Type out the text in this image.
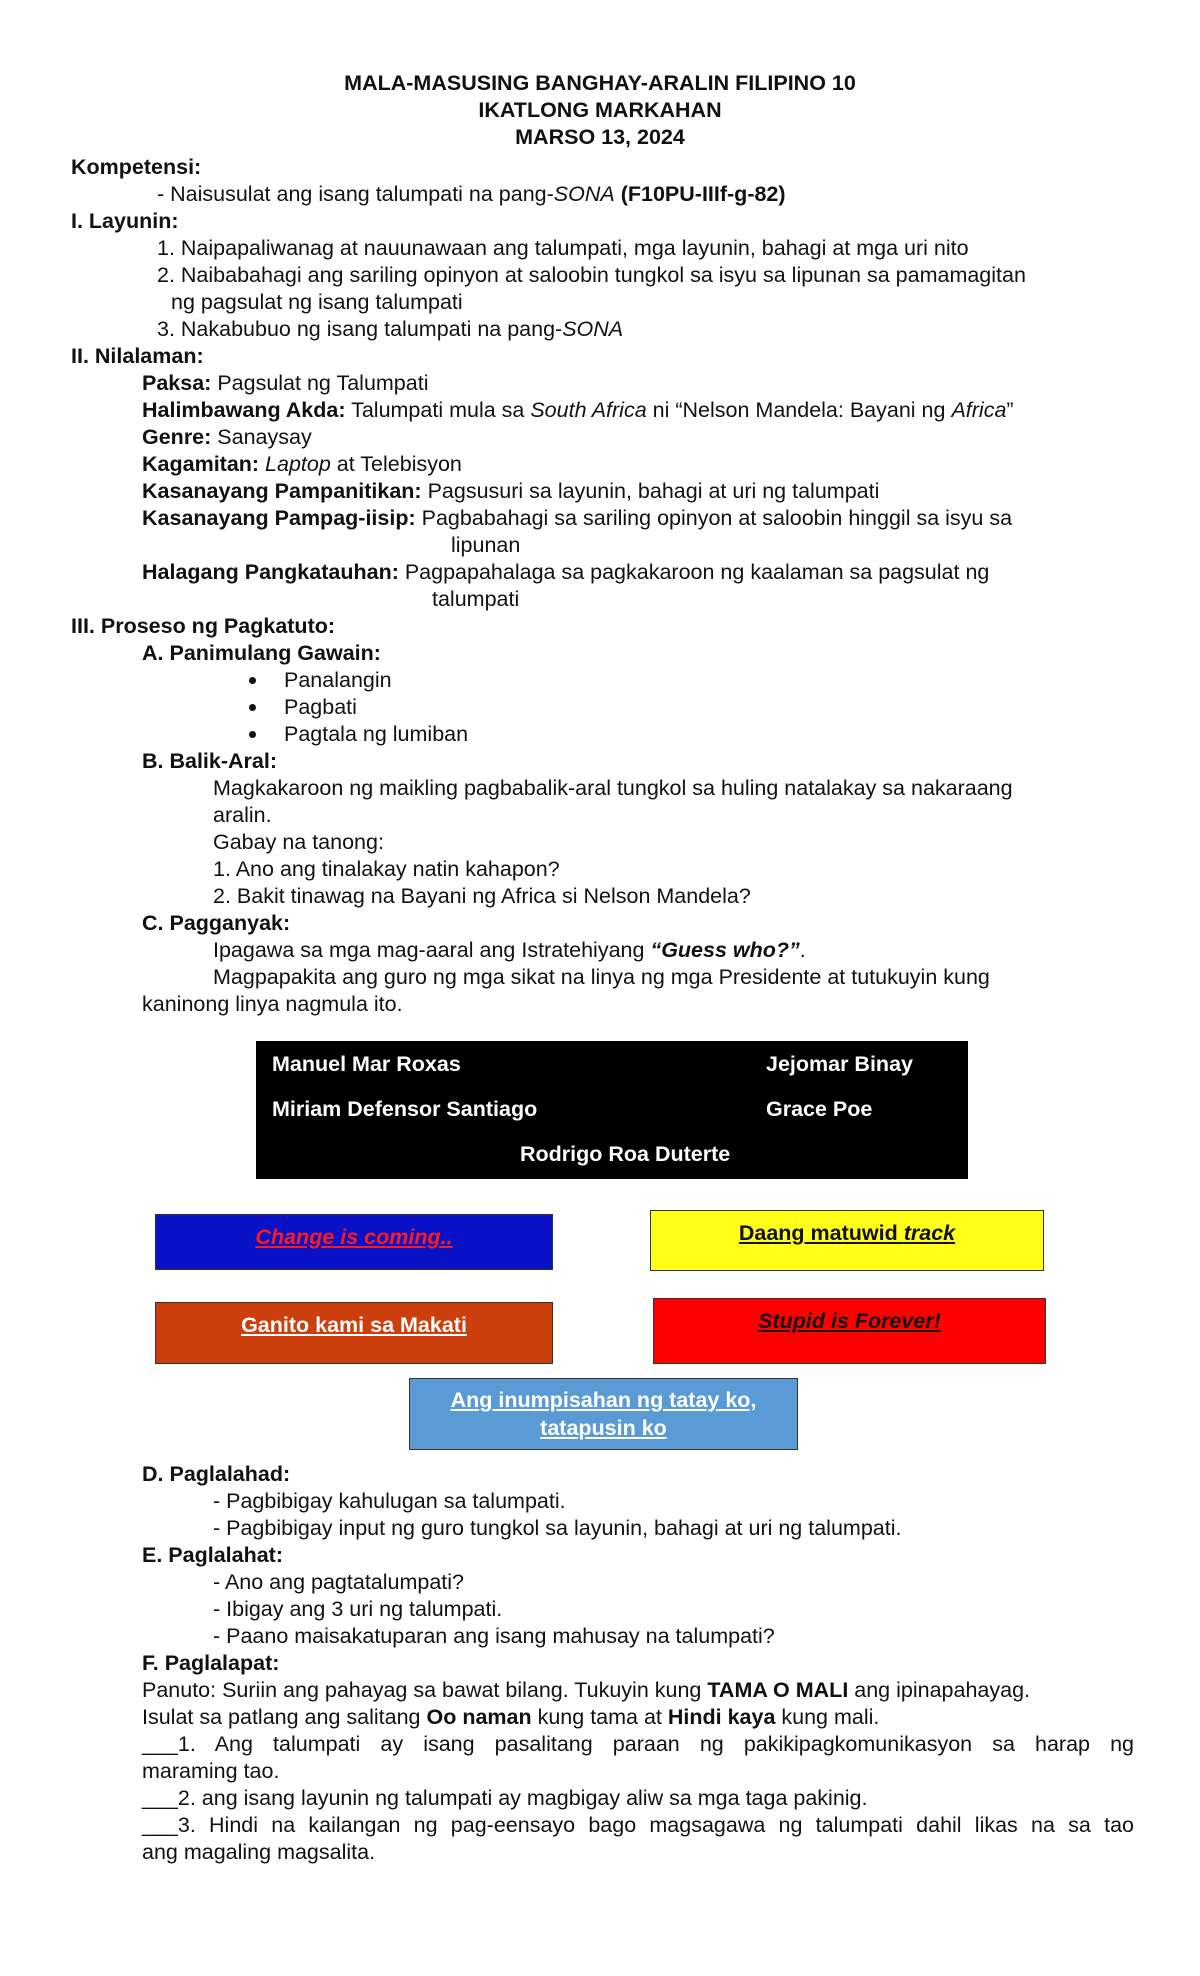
MALA-MASUSING BANGHAY-ARALIN FILIPINO 10
IKATLONG MARKAHAN
MARSO 13, 2024
Kompetensi:
- Naisusulat ang isang talumpati na pang-SONA (F10PU-IIIf-g-82)
I. Layunin:
1. Naipapaliwanag at nauunawaan ang talumpati, mga layunin, bahagi at mga uri nito
2. Naibabahagi ang sariling opinyon at saloobin tungkol sa isyu sa lipunan sa pamamagitan
ng pagsulat ng isang talumpati
3. Nakabubuo ng isang talumpati na pang-SONA
II. Nilalaman:
Paksa: Pagsulat ng Talumpati
Halimbawang Akda: Talumpati mula sa South Africa ni “Nelson Mandela: Bayani ng Africa”
Genre: Sanaysay
Kagamitan: Laptop at Telebisyon
Kasanayang Pampanitikan: Pagsusuri sa layunin, bahagi at uri ng talumpati
Kasanayang Pampag-iisip: Pagbabahagi sa sariling opinyon at saloobin hinggil sa isyu sa
lipunan
Halagang Pangkatauhan: Pagpapahalaga sa pagkakaroon ng kaalaman sa pagsulat ng
talumpati
III. Proseso ng Pagkatuto:
A. Panimulang Gawain:
Panalangin
Pagbati
Pagtala ng lumiban
B. Balik-Aral:
Magkakaroon ng maikling pagbabalik-aral tungkol sa huling natalakay sa nakaraang
aralin.
Gabay na tanong:
1. Ano ang tinalakay natin kahapon?
2. Bakit tinawag na Bayani ng Africa si Nelson Mandela?
C. Pagganyak:
Ipagawa sa mga mag-aaral ang Istratehiyang “Guess who?”.
Magpapakita ang guro ng mga sikat na linya ng mga Presidente at tutukuyin kung
kaninong linya nagmula ito.
Manuel Mar Roxas	Jejomar Binay
Miriam Defensor Santiago	Grace Poe
Rodrigo Roa Duterte
Change is coming..	Daang matuwid track
Ganito kami sa Makati	Stupid is Forever!
Ang inumpisahan ng tatay ko,
tatapusin ko
D. Paglalahad:
- Pagbibigay kahulugan sa talumpati.
- Pagbibigay input ng guro tungkol sa layunin, bahagi at uri ng talumpati.
E. Paglalahat:
- Ano ang pagtatalumpati?
- Ibigay ang 3 uri ng talumpati.
- Paano maisakatuparan ang isang mahusay na talumpati?
F. Paglalapat:
Panuto: Suriin ang pahayag sa bawat bilang. Tukuyin kung TAMA O MALI ang ipinapahayag.
Isulat sa patlang ang salitang Oo naman kung tama at Hindi kaya kung mali.
___1. Ang talumpati ay isang pasalitang paraan ng pakikipagkomunikasyon sa harap ng
maraming tao.
___2. ang isang layunin ng talumpati ay magbigay aliw sa mga taga pakinig.
___3. Hindi na kailangan ng pag-eensayo bago magsagawa ng talumpati dahil likas na sa tao
ang magaling magsalita.
